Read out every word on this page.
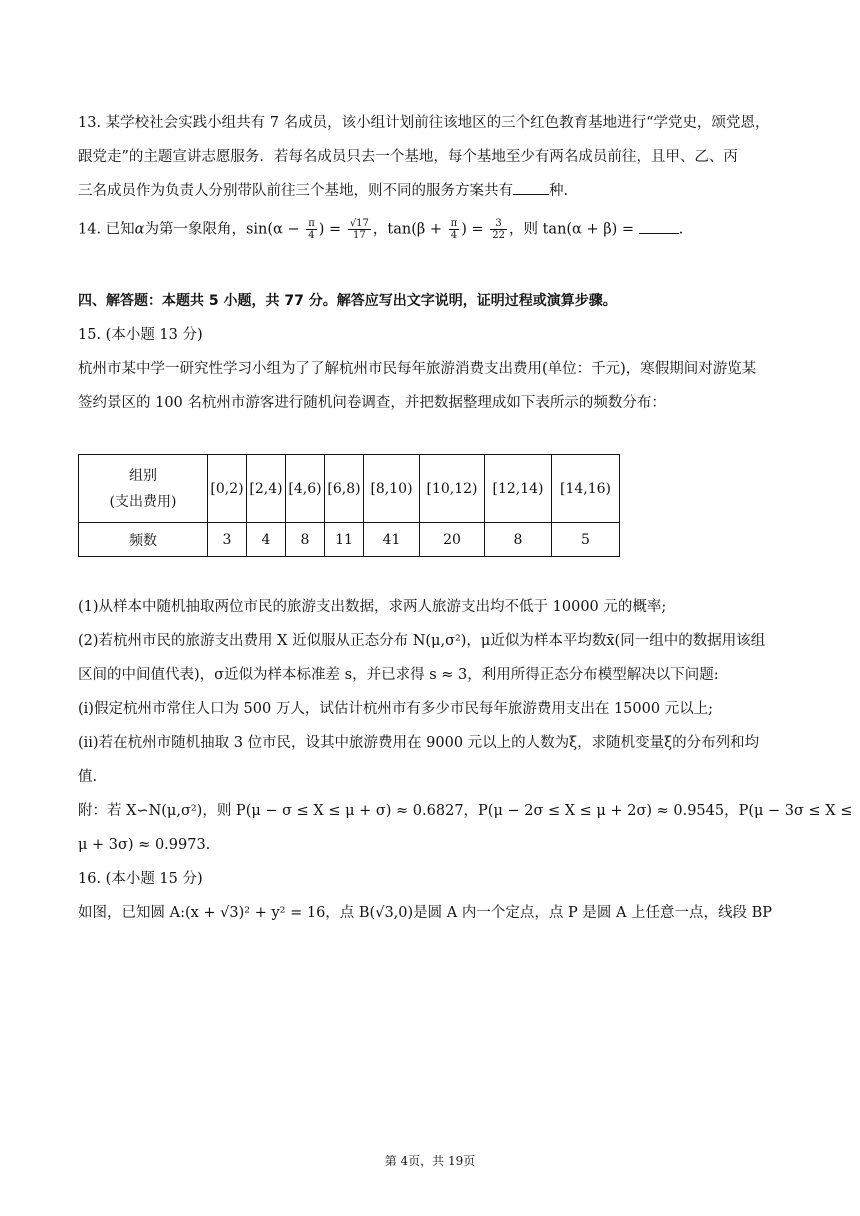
13. 某学校社会实践小组共有 7 名成员，该小组计划前往该地区的三个红色教育基地进行“学党史，颂党恩，
跟党走”的主题宣讲志愿服务．若每名成员只去一个基地，每个基地至少有两名成员前往，且甲、乙、丙
三名成员作为负责人分别带队前往三个基地，则不同的服务方案共有 种.
14. 已知α为第一象限角，$\sin(\alpha - \frac{\pi}{4}$ ) = $\frac{√17}{17}$ ，$\tan(\beta + \frac{\pi}{4}$ ) = $\frac{3}{22}$ ，则 tan(α + β) =	.
四、解答题：本题共 5 小题，共 77 分。解答应写出文字说明，证明过程或演算步骤。
15. (本小题 13 分)
杭州市某中学一研究性学习小组为了了解杭州市民每年旅游消费支出费用(单位：千元)，寒假期间对游览某
签约景区的 100 名杭州市游客进行随机问卷调查，并把数据整理成如下表所示的频数分布：
组别
(支出费用)	[0,2)	[2,4)	[4,6)	[6,8)	[8,10)	[10,12)	[12,14)	[14,16)
频数	3	4	8	11	41	20	8	5
(1)从样本中随机抽取两位市民的旅游支出数据，求两人旅游支出均不低于 10000 元的概率;
(2)若杭州市民的旅游支出费用 X 近似服从正态分布 N(μ,σ²)，μ近似为样本平均数x̄(同一组中的数据用该组
区间的中间值代表)，σ近似为样本标准差 s，并已求得 s ≈ 3，利用所得正态分布模型解决以下问题:
(i)假定杭州市常住人口为 500 万人，试估计杭州市有多少市民每年旅游费用支出在 15000 元以上;
(ii)若在杭州市随机抽取 3 位市民，设其中旅游费用在 9000 元以上的人数为ξ，求随机变量ξ的分布列和均
值.
附：若 X∽N(μ,σ²)，则 P(μ − σ ≤ X ≤ μ + σ) ≈ 0.6827，P(μ − 2σ ≤ X ≤ μ + 2σ) ≈ 0.9545，P(μ − 3σ ≤ X ≤
μ + 3σ) ≈ 0.9973.
16. (本小题 15 分)
如图，已知圆 A:(x + √3)² + y² = 16，点 B(√3,0)是圆 A 内一个定点，点 P 是圆 A 上任意一点，线段 BP
第 4页，共 19页
